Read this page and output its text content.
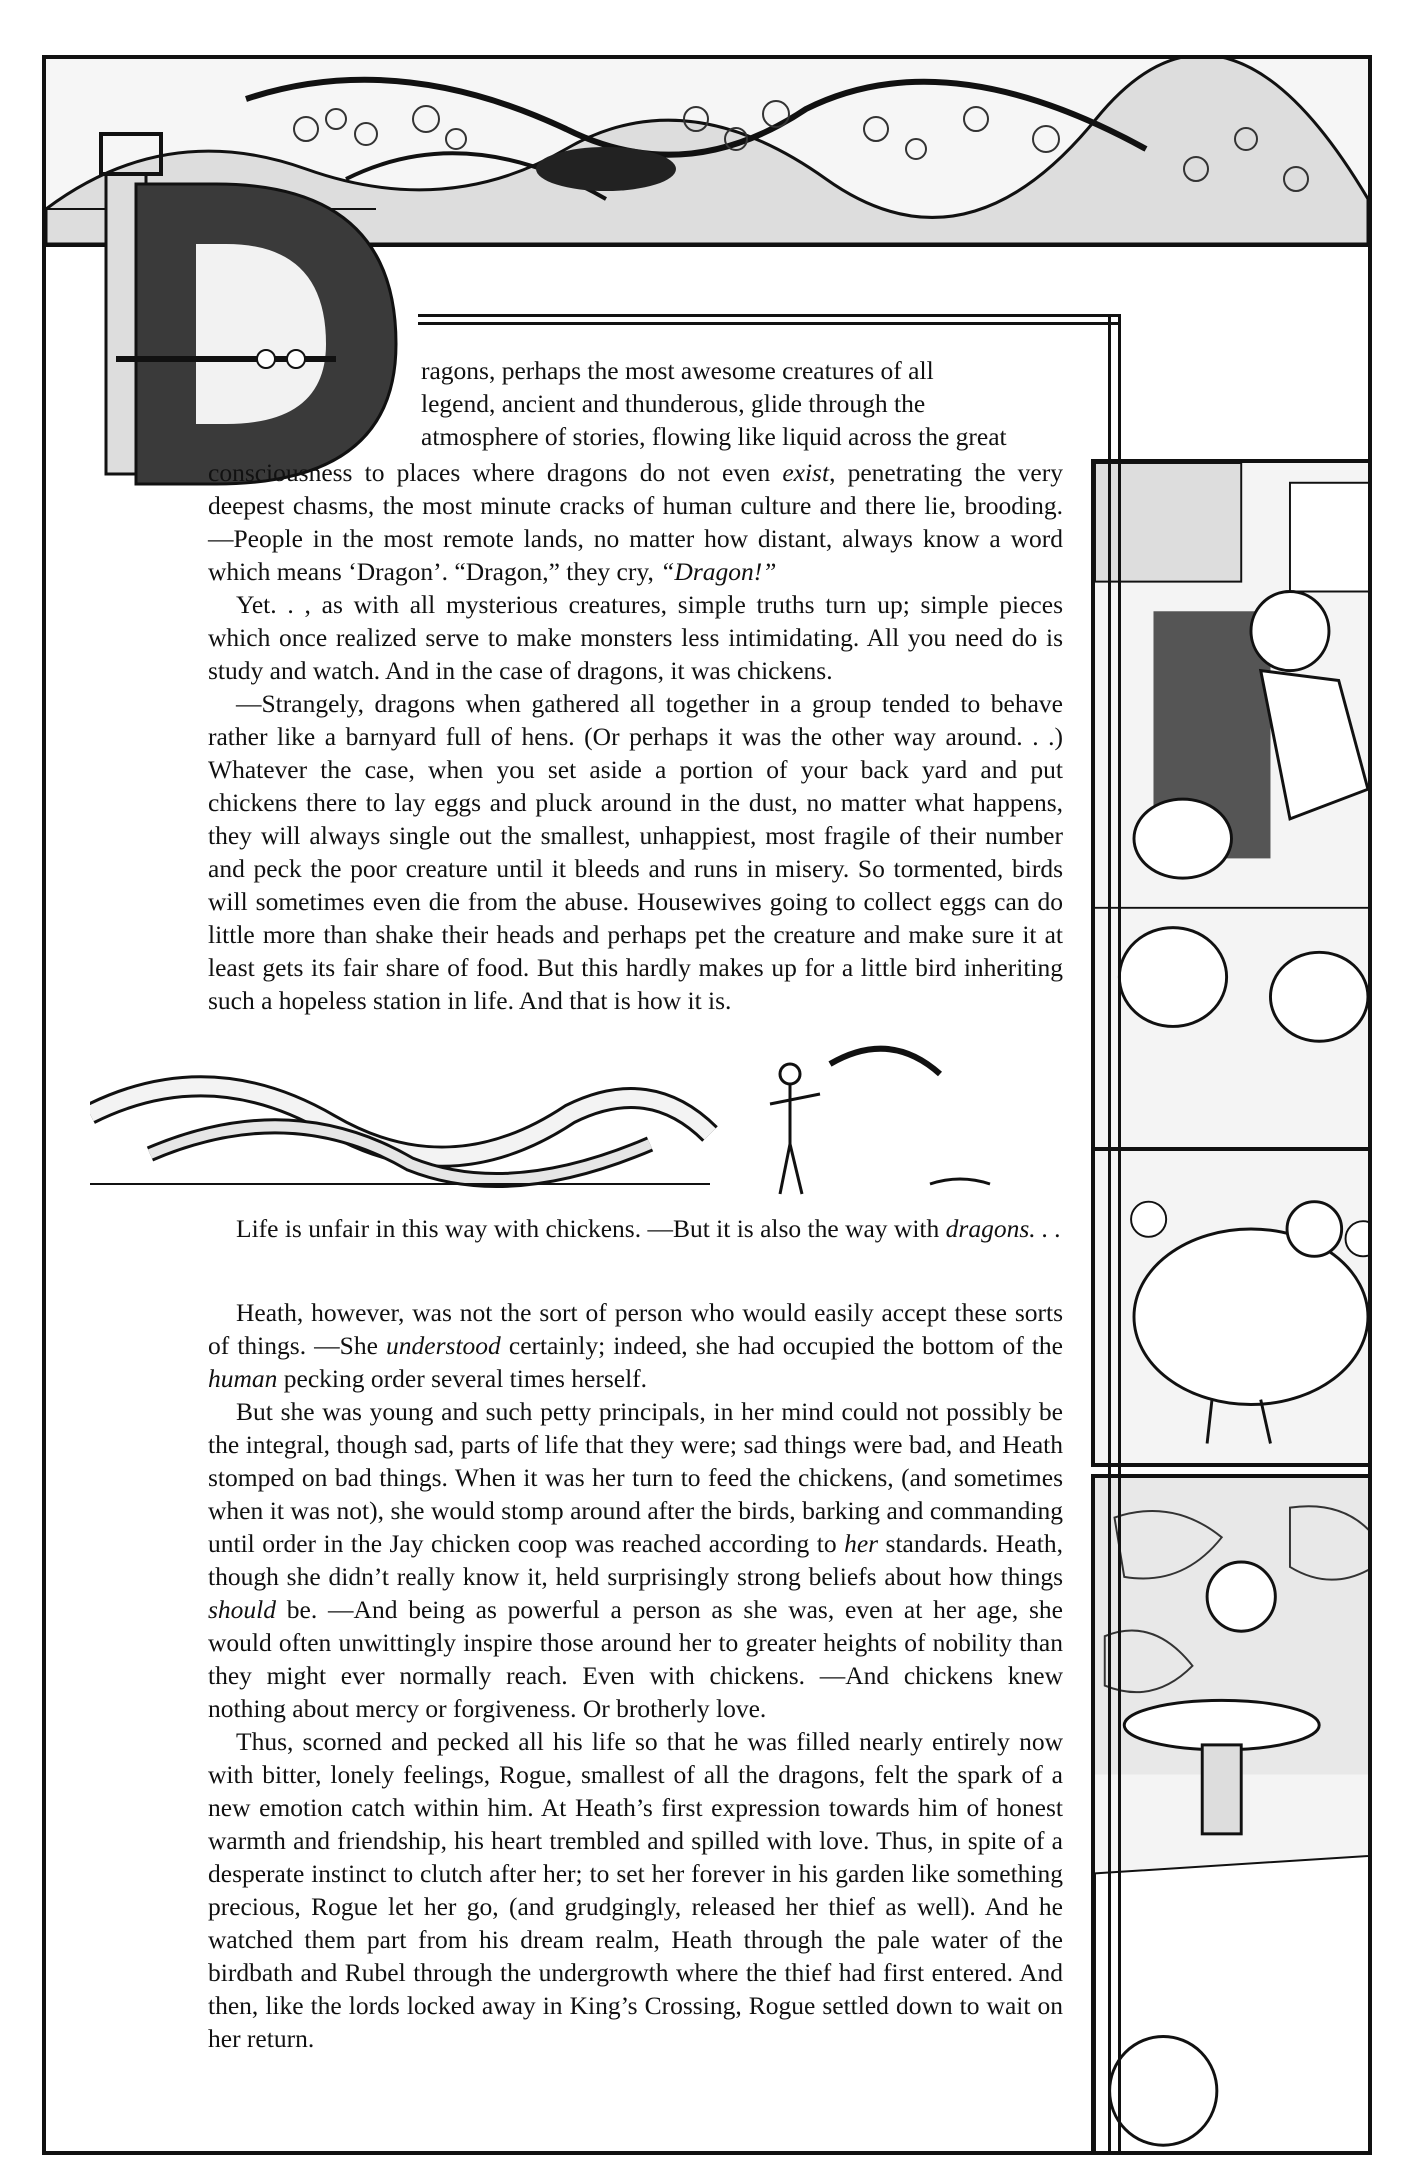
ragons, perhaps the most awesome creatures of all
legend, ancient and thunderous, glide through the
atmosphere of stories, flowing like liquid across the great

consciousness to places where dragons do not even exist, penetrating the very deepest chasms, the most minute cracks of human culture and there lie, brooding. —People in the most remote lands, no matter how distant, always know a word which means ‘Dragon’. “Dragon,” they cry, “Dragon!”

Yet. . , as with all mysterious creatures, simple truths turn up; simple pieces which once realized serve to make monsters less intimidating. All you need do is study and watch. And in the case of dragons, it was chickens.

—Strangely, dragons when gathered all together in a group tended to behave rather like a barnyard full of hens. (Or perhaps it was the other way around. . .) Whatever the case, when you set aside a portion of your back yard and put chickens there to lay eggs and pluck around in the dust, no matter what happens, they will always single out the smallest, unhappiest, most fragile of their number and peck the poor creature until it bleeds and runs in misery. So tormented, birds will sometimes even die from the abuse. Housewives going to collect eggs can do little more than shake their heads and perhaps pet the creature and make sure it at least gets its fair share of food. But this hardly makes up for a little bird inheriting such a hopeless station in life. And that is how it is.

Life is unfair in this way with chickens. —But it is also the way with dragons. . .

Heath, however, was not the sort of person who would easily accept these sorts of things. —She understood certainly; indeed, she had occupied the bottom of the human pecking order several times herself.

But she was young and such petty principals, in her mind could not possibly be the integral, though sad, parts of life that they were; sad things were bad, and Heath stomped on bad things. When it was her turn to feed the chickens, (and sometimes when it was not), she would stomp around after the birds, barking and commanding until order in the Jay chicken coop was reached according to her standards. Heath, though she didn’t really know it, held surprisingly strong beliefs about how things should be. —And being as powerful a person as she was, even at her age, she would often unwittingly inspire those around her to greater heights of nobility than they might ever normally reach. Even with chickens. —And chickens knew nothing about mercy or forgiveness. Or brotherly love.

Thus, scorned and pecked all his life so that he was filled nearly entirely now with bitter, lonely feelings, Rogue, smallest of all the dragons, felt the spark of a new emotion catch within him. At Heath’s first expression towards him of honest warmth and friendship, his heart trembled and spilled with love. Thus, in spite of a desperate instinct to clutch after her; to set her forever in his garden like something precious, Rogue let her go, (and grudgingly, released her thief as well). And he watched them part from his dream realm, Heath through the pale water of the birdbath and Rubel through the undergrowth where the thief had first entered. And then, like the lords locked away in King’s Crossing, Rogue settled down to wait on her return.
